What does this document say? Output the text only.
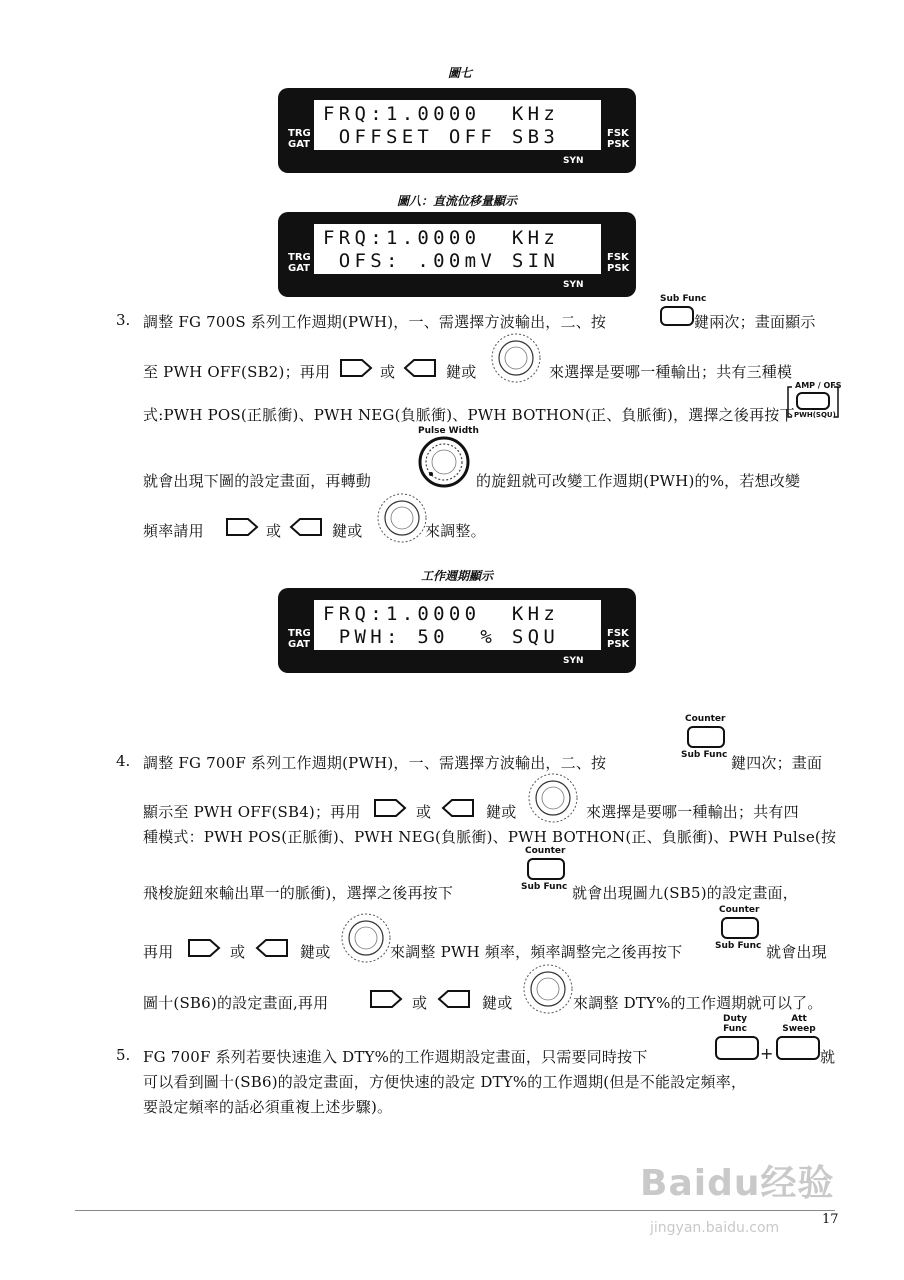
圖七
FRQ:1.0000  KHz
OFFSET OFF SB3
TRG
GAT
FSK
PSK
SYN
圖八：直流位移量顯示
FRQ:1.0000  KHz
OFS: .00mV SIN
TRG
GAT
FSK
PSK
SYN
3. 調整 FG 700S 系列工作週期(PWH)，一、需選擇方波輸出，二、按
Sub Func
鍵兩次；畫面顯示
至 PWH OFF(SB2)；再用	或	鍵或	來選擇是要哪一種輸出；共有三種模
式:PWH POS(正脈衝)、PWH NEG(負脈衝)、PWH BOTHON(正、負脈衝)，選擇之後再按下
AMP / OFS
PWH(SQU)
Pulse Width
就會出現下圖的設定畫面，再轉動	的旋鈕就可改變工作週期(PWH)的%，若想改變
頻率請用	或	鍵或	來調整。
工作週期顯示
FRQ:1.0000  KHz
PWH: 50  % SQU
TRG
GAT
FSK
PSK
SYN
Counter
Sub Func
4. 調整 FG 700F 系列工作週期(PWH)，一、需選擇方波輸出，二、按	鍵四次；畫面
顯示至 PWH OFF(SB4)；再用	或	鍵或	來選擇是要哪一種輸出；共有四
種模式：PWH POS(正脈衝)、PWH NEG(負脈衝)、PWH BOTHON(正、負脈衝)、PWH Pulse(按
Counter
Sub Func
飛梭旋鈕來輸出單一的脈衝)，選擇之後再按下	就會出現圖九(SB5)的設定畫面，
Counter
Sub Func
再用	或	鍵或	來調整 PWH 頻率，頻率調整完之後再按下	就會出現
圖十(SB6)的設定畫面,再用	或	鍵或	來調整 DTY%的工作週期就可以了。
Duty Func
Att Sweep
+
5. FG 700F 系列若要快速進入 DTY%的工作週期設定畫面，只需要同時按下	就
可以看到圖十(SB6)的設定畫面，方便快速的設定 DTY%的工作週期(但是不能設定頻率，
要設定頻率的話必須重複上述步驟)。
Baidu经验
jingyan.baidu.com
17
